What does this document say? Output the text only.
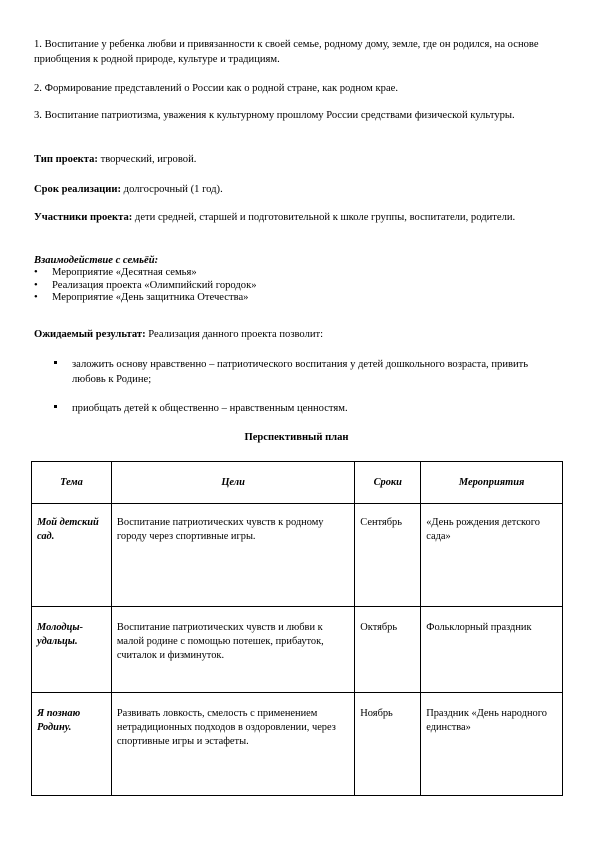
1. Воспитание у ребенка любви и привязанности к своей семье, родному дому, земле, где он родился, на основе приобщения к родной природе, культуре и традициям.

2. Формирование представлений о России как о родной стране, как родном крае.

3. Воспитание патриотизма, уважения к культурному прошлому России средствами физической культуры.

Тип проекта: творческий, игровой.

Срок реализации: долгосрочный (1 год).

Участники проекта: дети средней, старшей и подготовительной к школе группы, воспитатели, родители.

Взаимодействие с семьёй:

• Мероприятие «Десятная семья»
• Реализация проекта «Олимпийский городок»
• Мероприятие «День защитника Отечества»

Ожидаемый результат: Реализация данного проекта позволит:

заложить основу нравственно – патриотического воспитания у детей дошкольного возраста, привить любовь к Родине;
приобщать детей к общественно – нравственным ценностям.

Перспективный план

Тема	Цели	Сроки	Мероприятия
Мой детский сад.	Воспитание патриотических чувств к родному городу через спортивные игры.	Сентябрь	«День рождения детского сада»
Молодцы-удальцы.	Воспитание патриотических чувств и любви к малой родине с помощью потешек, прибауток, считалок и физминуток.	Октябрь	Фольклорный праздник
Я познаю Родину.	Развивать ловкость, смелость с применением нетрадиционных подходов в оздоровлении, через спортивные игры и эстафеты.	Ноябрь	Праздник «День народного единства»
